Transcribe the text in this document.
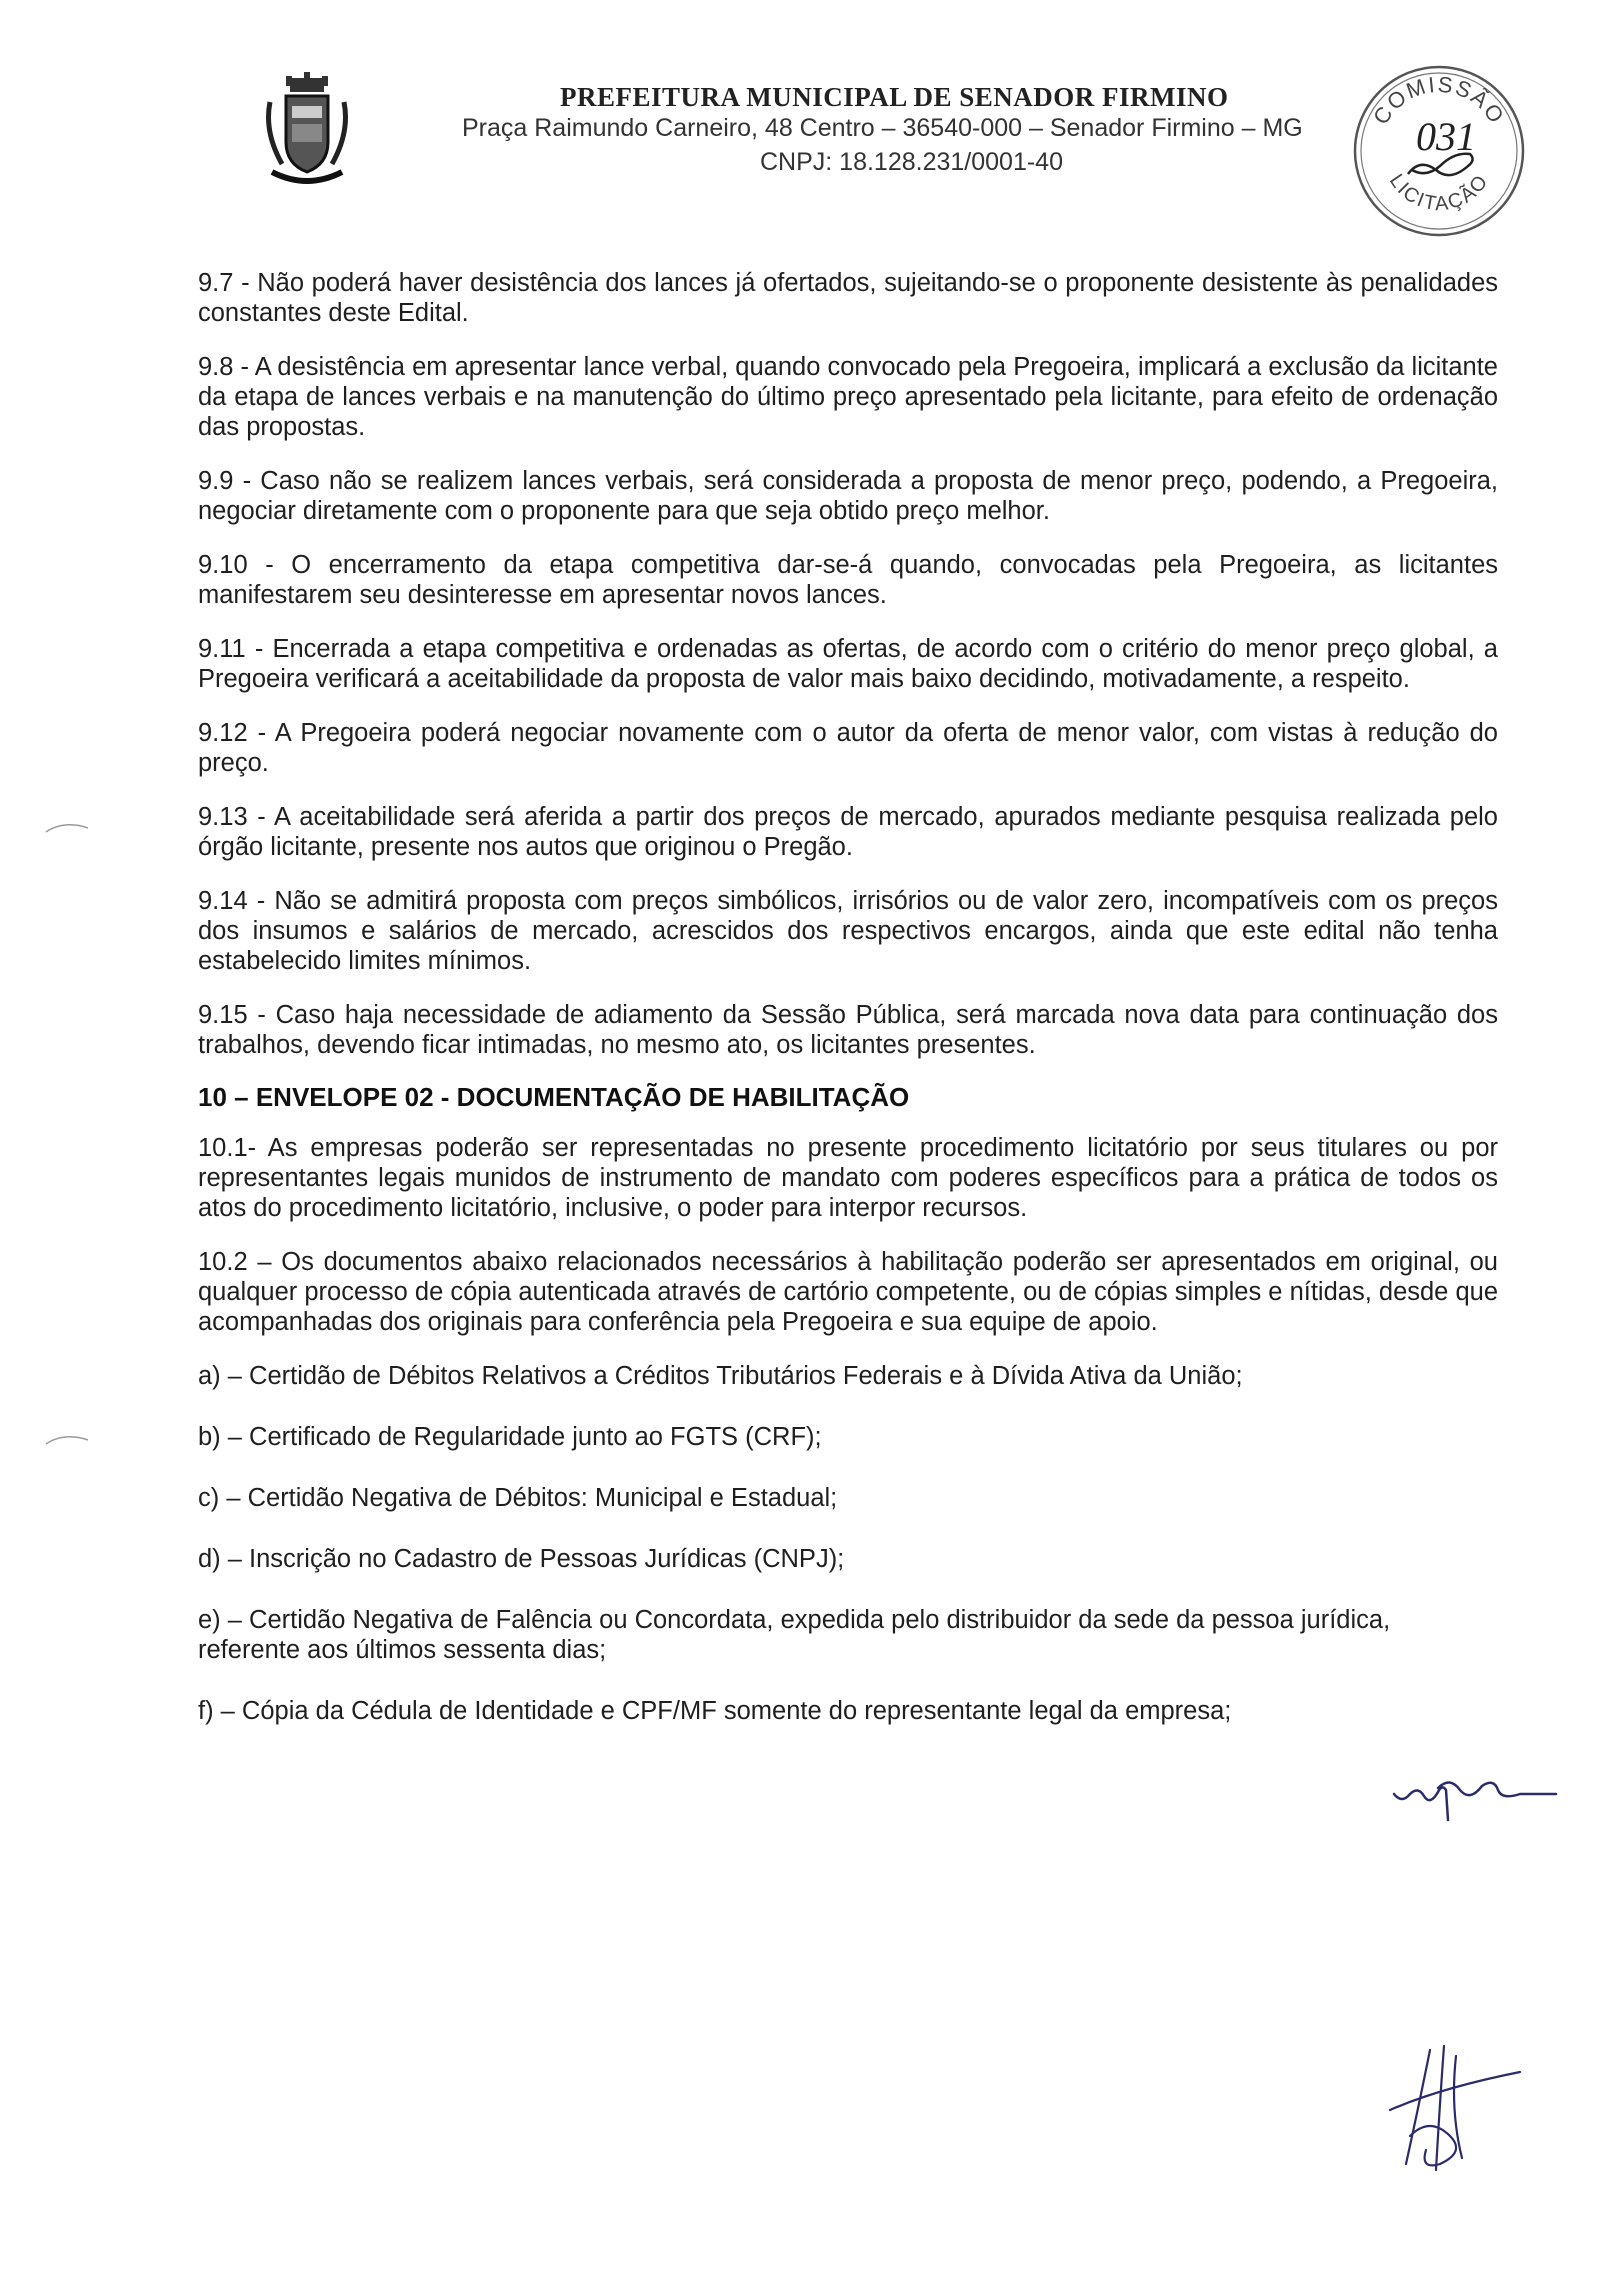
PREFEITURA MUNICIPAL DE SENADOR FIRMINO
Praça Raimundo Carneiro, 48 Centro – 36540-000 – Senador Firmino – MG
CNPJ: 18.128.231/0001-40
COMISSÃO
LICITAÇÃO
031

9.7 - Não poderá haver desistência dos lances já ofertados, sujeitando-se o proponente desistente às penalidades constantes deste Edital.

9.8 - A desistência em apresentar lance verbal, quando convocado pela Pregoeira, implicará a exclusão da licitante da etapa de lances verbais e na manutenção do último preço apresentado pela licitante, para efeito de ordenação das propostas.

9.9 - Caso não se realizem lances verbais, será considerada a proposta de menor preço, podendo, a Pregoeira, negociar diretamente com o proponente para que seja obtido preço melhor.

9.10 - O encerramento da etapa competitiva dar-se-á quando, convocadas pela Pregoeira, as licitantes manifestarem seu desinteresse em apresentar novos lances.

9.11 - Encerrada a etapa competitiva e ordenadas as ofertas, de acordo com o critério do menor preço global, a Pregoeira verificará a aceitabilidade da proposta de valor mais baixo decidindo, motivadamente, a respeito.

9.12 - A Pregoeira poderá negociar novamente com o autor da oferta de menor valor, com vistas à redução do preço.

9.13 - A aceitabilidade será aferida a partir dos preços de mercado, apurados mediante pesquisa realizada pelo órgão licitante, presente nos autos que originou o Pregão.

9.14 - Não se admitirá proposta com preços simbólicos, irrisórios ou de valor zero, incompatíveis com os preços dos insumos e salários de mercado, acrescidos dos respectivos encargos, ainda que este edital não tenha estabelecido limites mínimos.

9.15 - Caso haja necessidade de adiamento da Sessão Pública, será marcada nova data para continuação dos trabalhos, devendo ficar intimadas, no mesmo ato, os licitantes presentes.

10 – ENVELOPE 02 - DOCUMENTAÇÃO DE HABILITAÇÃO

10.1- As empresas poderão ser representadas no presente procedimento licitatório por seus titulares ou por representantes legais munidos de instrumento de mandato com poderes específicos para a prática de todos os atos do procedimento licitatório, inclusive, o poder para interpor recursos.

10.2 – Os documentos abaixo relacionados necessários à habilitação poderão ser apresentados em original, ou qualquer processo de cópia autenticada através de cartório competente, ou de cópias simples e nítidas, desde que acompanhadas dos originais para conferência pela Pregoeira e sua equipe de apoio.

a) – Certidão de Débitos Relativos a Créditos Tributários Federais e à Dívida Ativa da União;
b) – Certificado de Regularidade junto ao FGTS (CRF);
c) – Certidão Negativa de Débitos: Municipal e Estadual;
d) – Inscrição no Cadastro de Pessoas Jurídicas (CNPJ);
e) – Certidão Negativa de Falência ou Concordata, expedida pelo distribuidor da sede da pessoa jurídica, referente aos últimos sessenta dias;
f) – Cópia da Cédula de Identidade e CPF/MF somente do representante legal da empresa;
